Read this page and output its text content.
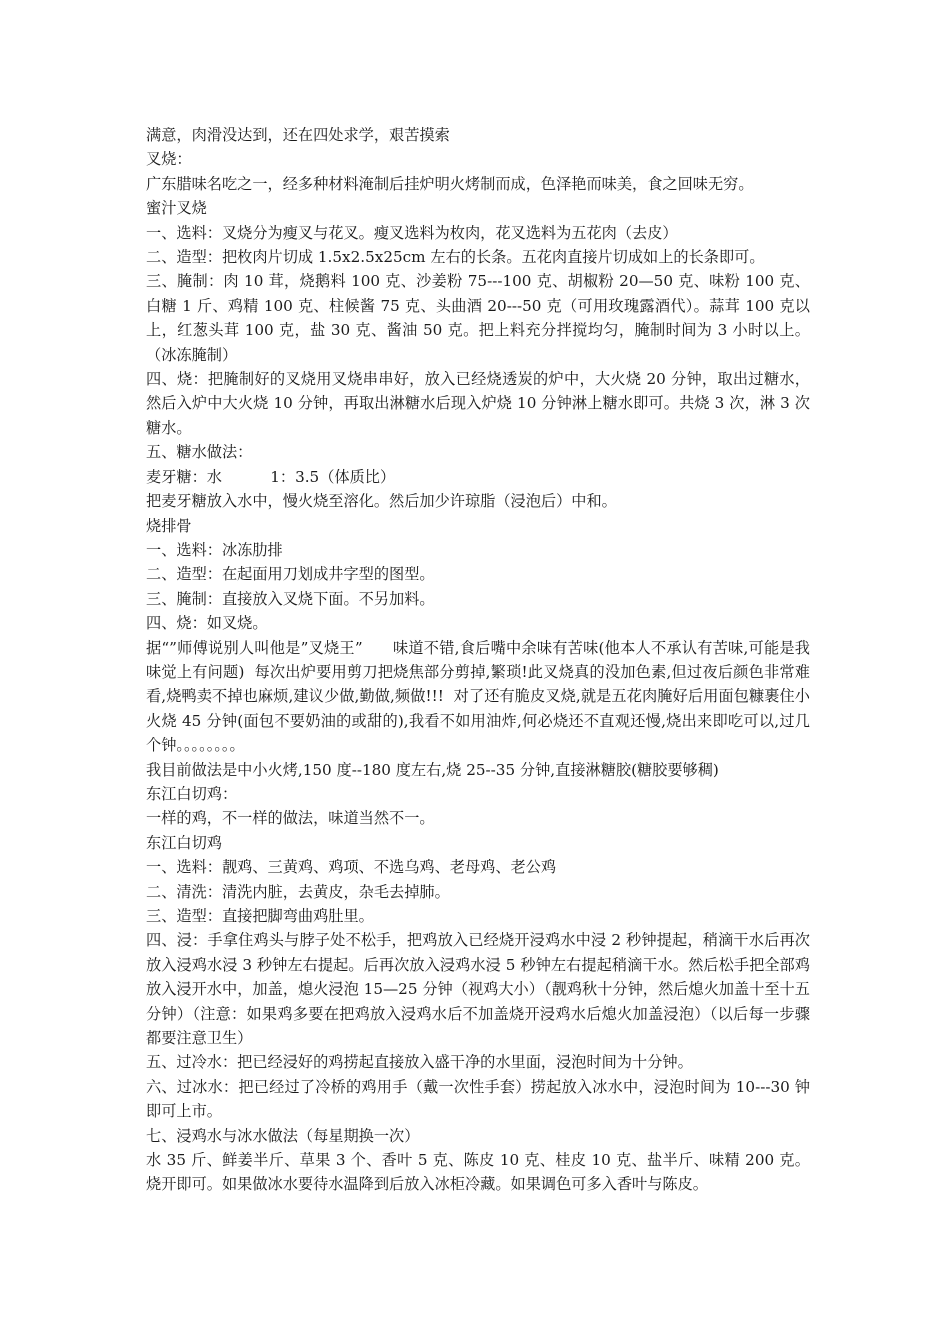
满意，肉滑没达到，还在四处求学，艰苦摸索

叉烧：

广东腊味名吃之一，经多种材料淹制后挂炉明火烤制而成，色泽艳而味美，食之回味无穷。

蜜汁叉烧

一、选料：叉烧分为瘦叉与花叉。瘦叉选料为枚肉，花叉选料为五花肉（去皮）

二、造型：把枚肉片切成 1.5x2.5x25cm 左右的长条。五花肉直接片切成如上的长条即可。

三、腌制：肉 10 茸，烧鹅料 100 克、沙姜粉 75---100 克、胡椒粉 20—50 克、味粉 100 克、白糖 1 斤、鸡精 100 克、柱候酱 75 克、头曲酒 20---50 克（可用玫瑰露酒代）。蒜茸 100 克以上，红葱头茸 100 克，盐 30 克、酱油 50 克。把上料充分拌搅均匀，腌制时间为 3 小时以上。（冰冻腌制）

四、烧：把腌制好的叉烧用叉烧串串好，放入已经烧透炭的炉中，大火烧 20 分钟，取出过糖水，然后入炉中大火烧 10 分钟，再取出淋糖水后现入炉烧 10 分钟淋上糖水即可。共烧 3 次，淋 3 次糖水。

五、糖水做法：

麦牙糖：水          1：3.5（体质比）

把麦牙糖放入水中，慢火烧至溶化。然后加少许琼脂（浸泡后）中和。

烧排骨

一、选料：冰冻肋排

二、造型：在起面用刀划成井字型的图型。

三、腌制：直接放入叉烧下面。不另加料。

四、烧：如叉烧。

据“”师傅说别人叫他是”叉烧王”      味道不错,食后嘴中余味有苦味(他本人不承认有苦味,可能是我味觉上有问题)  每次出炉要用剪刀把烧焦部分剪掉,繁琐!此叉烧真的没加色素,但过夜后颜色非常难看,烧鸭卖不掉也麻烦,建议少做,勤做,频做!!!  对了还有脆皮叉烧,就是五花肉腌好后用面包糠裹住小火烧 45 分钟(面包不要奶油的或甜的),我看不如用油炸,何必烧还不直观还慢,烧出来即吃可以,过几个钟。。。。。。。。

我目前做法是中小火烤,150 度--180 度左右,烧 25--35 分钟,直接淋糖胶(糖胶要够稠)

东江白切鸡：

一样的鸡，不一样的做法，味道当然不一。

东江白切鸡

一、选料：靓鸡、三黄鸡、鸡项、不选乌鸡、老母鸡、老公鸡

二、清洗：清洗内脏，去黄皮，杂毛去掉肺。

三、造型：直接把脚弯曲鸡肚里。

四、浸：手拿住鸡头与脖子处不松手，把鸡放入已经烧开浸鸡水中浸 2 秒钟提起，稍滴干水后再次放入浸鸡水浸 3 秒钟左右提起。后再次放入浸鸡水浸 5 秒钟左右提起稍滴干水。然后松手把全部鸡放入浸开水中，加盖，熄火浸泡 15—25 分钟（视鸡大小）（靓鸡秋十分钟，然后熄火加盖十至十五分钟）（注意：如果鸡多要在把鸡放入浸鸡水后不加盖烧开浸鸡水后熄火加盖浸泡）（以后每一步骤都要注意卫生）

五、过冷水：把已经浸好的鸡捞起直接放入盛干净的水里面，浸泡时间为十分钟。

六、过冰水：把已经过了冷桥的鸡用手（戴一次性手套）捞起放入冰水中，浸泡时间为 10---30 钟即可上市。

七、浸鸡水与冰水做法（每星期换一次）

水 35 斤、鲜姜半斤、草果 3 个、香叶 5 克、陈皮 10 克、桂皮 10 克、盐半斤、味精 200 克。烧开即可。如果做冰水要待水温降到后放入冰柜冷藏。如果调色可多入香叶与陈皮。
